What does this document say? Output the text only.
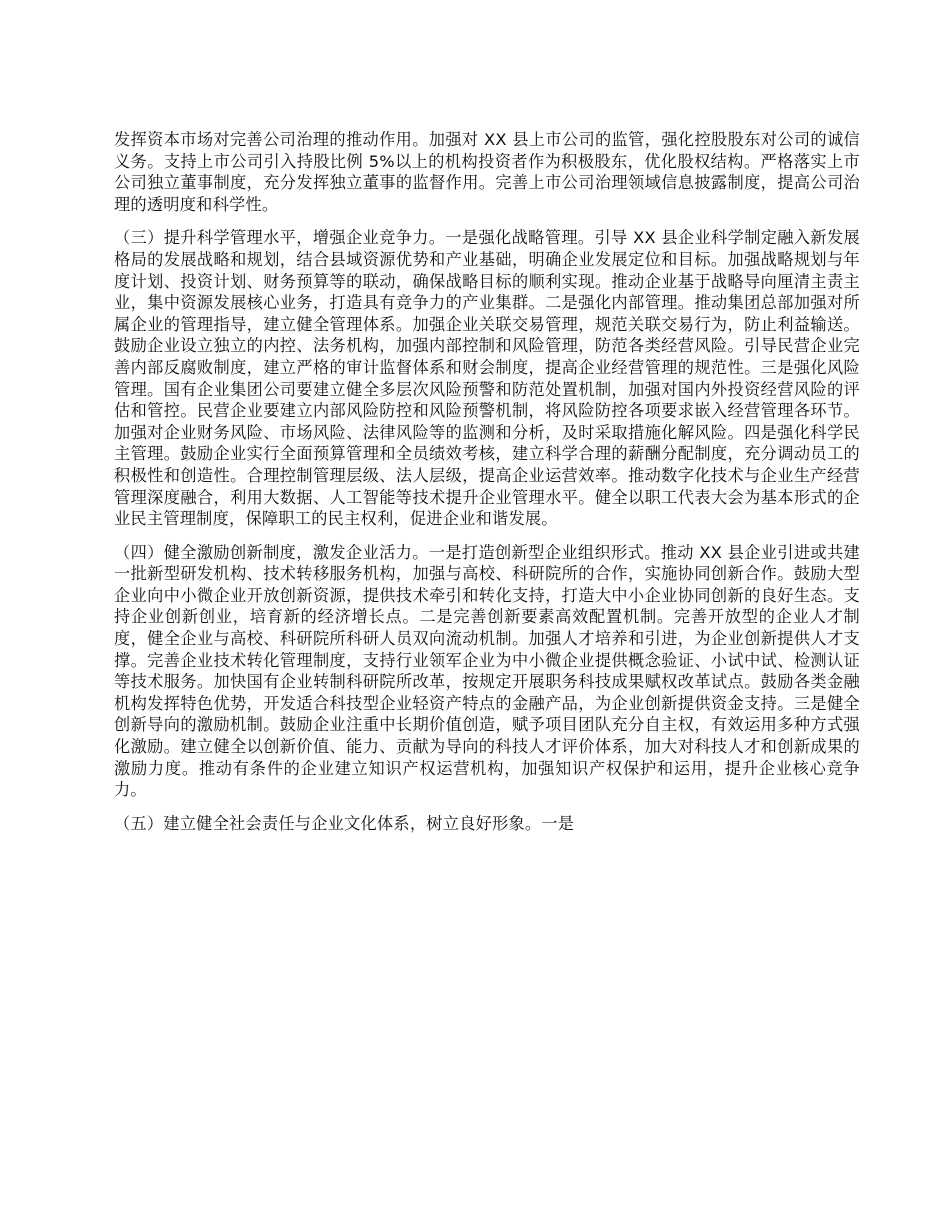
发挥资本市场对完善公司治理的推动作用。加强对 XX 县上市公司的监管，强化控股股东对公司的诚信义务。支持上市公司引入持股比例 5%以上的机构投资者作为积极股东，优化股权结构。严格落实上市公司独立董事制度，充分发挥独立董事的监督作用。完善上市公司治理领域信息披露制度，提高公司治理的透明度和科学性。

（三）提升科学管理水平，增强企业竞争力。一是强化战略管理。引导 XX 县企业科学制定融入新发展格局的发展战略和规划，结合县域资源优势和产业基础，明确企业发展定位和目标。加强战略规划与年度计划、投资计划、财务预算等的联动，确保战略目标的顺利实现。推动企业基于战略导向厘清主责主业，集中资源发展核心业务，打造具有竞争力的产业集群。二是强化内部管理。推动集团总部加强对所属企业的管理指导，建立健全管理体系。加强企业关联交易管理，规范关联交易行为，防止利益输送。鼓励企业设立独立的内控、法务机构，加强内部控制和风险管理，防范各类经营风险。引导民营企业完善内部反腐败制度，建立严格的审计监督体系和财会制度，提高企业经营管理的规范性。三是强化风险管理。国有企业集团公司要建立健全多层次风险预警和防范处置机制，加强对国内外投资经营风险的评估和管控。民营企业要建立内部风险防控和风险预警机制，将风险防控各项要求嵌入经营管理各环节。加强对企业财务风险、市场风险、法律风险等的监测和分析，及时采取措施化解风险。四是强化科学民主管理。鼓励企业实行全面预算管理和全员绩效考核，建立科学合理的薪酬分配制度，充分调动员工的积极性和创造性。合理控制管理层级、法人层级，提高企业运营效率。推动数字化技术与企业生产经营管理深度融合，利用大数据、人工智能等技术提升企业管理水平。健全以职工代表大会为基本形式的企业民主管理制度，保障职工的民主权利，促进企业和谐发展。

（四）健全激励创新制度，激发企业活力。一是打造创新型企业组织形式。推动 XX 县企业引进或共建一批新型研发机构、技术转移服务机构，加强与高校、科研院所的合作，实施协同创新合作。鼓励大型企业向中小微企业开放创新资源，提供技术牵引和转化支持，打造大中小企业协同创新的良好生态。支持企业创新创业，培育新的经济增长点。二是完善创新要素高效配置机制。完善开放型的企业人才制度，健全企业与高校、科研院所科研人员双向流动机制。加强人才培养和引进，为企业创新提供人才支撑。完善企业技术转化管理制度，支持行业领军企业为中小微企业提供概念验证、小试中试、检测认证等技术服务。加快国有企业转制科研院所改革，按规定开展职务科技成果赋权改革试点。鼓励各类金融机构发挥特色优势，开发适合科技型企业轻资产特点的金融产品，为企业创新提供资金支持。三是健全创新导向的激励机制。鼓励企业注重中长期价值创造，赋予项目团队充分自主权，有效运用多种方式强化激励。建立健全以创新价值、能力、贡献为导向的科技人才评价体系，加大对科技人才和创新成果的激励力度。推动有条件的企业建立知识产权运营机构，加强知识产权保护和运用，提升企业核心竞争力。

（五）建立健全社会责任与企业文化体系，树立良好形象。一是
